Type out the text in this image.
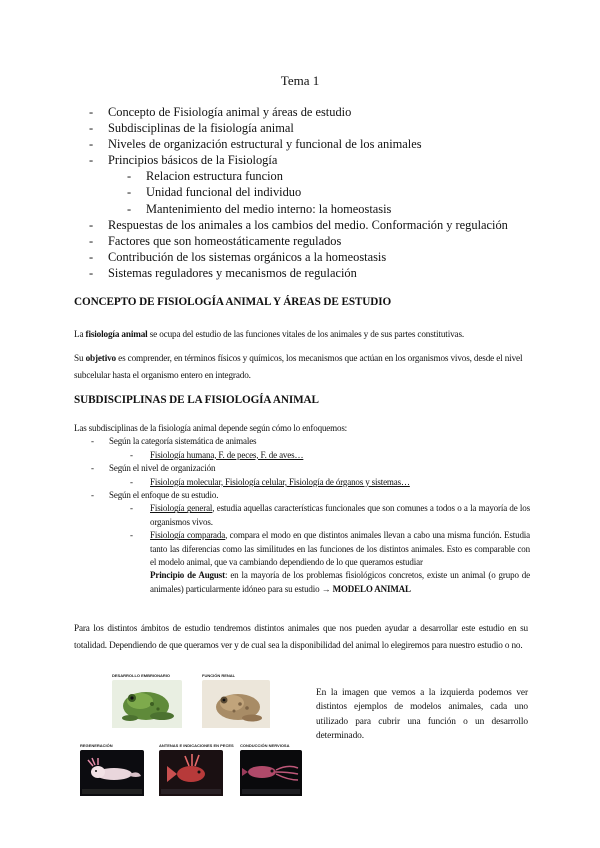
Tema 1
-	Concepto de Fisiología animal y áreas de estudio
-	Subdisciplinas de la fisiología animal
-	Niveles de organización estructural y funcional de los animales
-	Principios básicos de la Fisiología
-	Relacion estructura funcion
-	Unidad funcional del individuo
-	Mantenimiento del medio interno: la homeostasis
-	Respuestas de los animales a los cambios del medio. Conformación y regulación
-	Factores que son homeostáticamente regulados
-	Contribución de los sistemas orgánicos a la homeostasis
-	Sistemas reguladores y mecanismos de regulación
CONCEPTO DE FISIOLOGÍA ANIMAL Y ÁREAS DE ESTUDIO
La fisiología animal se ocupa del estudio de las funciones vitales de los animales y de sus partes constitutivas.
Su objetivo es comprender, en términos físicos y químicos, los mecanismos que actúan en los organismos vivos, desde el nivel subcelular hasta el organismo entero en integrado.
SUBDISCIPLINAS DE LA FISIOLOGÍA ANIMAL
Las subdisciplinas de la fisiología animal depende según cómo lo enfoquemos:
-	Según la categoría sistemática de animales
-	Fisiología humana, F. de peces, F. de aves…
-	Según el nivel de organización
-	Fisiología molecular, Fisiología celular, Fisiología de órganos y sistemas…
-	Según el enfoque de su estudio.
-	Fisiología general, estudia aquellas características funcionales que son comunes a todos o a la mayoría de los organismos vivos.
-	Fisiología comparada, compara el modo en que distintos animales llevan a cabo una misma función. Estudia tanto las diferencias como las similitudes en las funciones de los distintos animales. Esto es comparable con el modelo animal, que va cambiando dependiendo de lo que queramos estudiar
Principio de August: en la mayoría de los problemas fisiológicos concretos, existe un animal (o grupo de animales) particularmente idóneo para su estudio → MODELO ANIMAL
Para los distintos ámbitos de estudio tendremos distintos animales que nos pueden ayudar a desarrollar este estudio en su totalidad. Dependiendo de que queramos ver y de cual sea la disponibilidad del animal lo elegiremos para nuestro estudio o no.
DESARROLLO EMBRIONARIO	FUNCIÓN RENAL
REGENERACIÓN	ANTENAS E INDICACIONES EN PECES CONDUCCIÓN NERVIOSA
En la imagen que vemos a la izquierda podemos ver distintos ejemplos de modelos animales, cada uno utilizado para cubrir una función o un desarrollo determinado.
